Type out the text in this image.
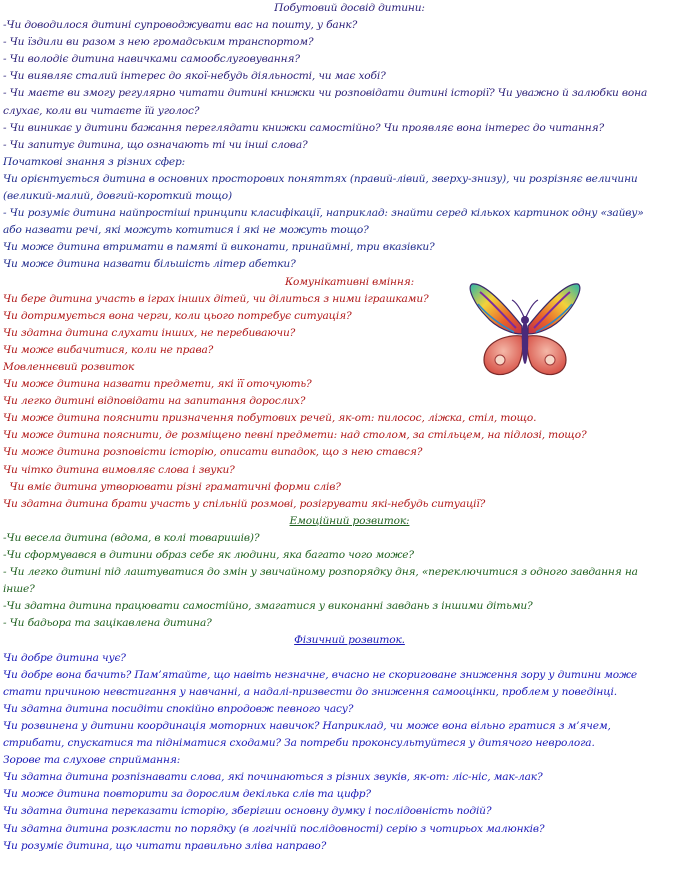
Побутовий досвід дитини:
-Чи доводилося дитині супроводжувати вас на пошту, у банк?
- Чи їздили ви разом з нею громадським транспортом?
- Чи володіє дитина навичками самообслуговування?
- Чи виявляє сталий інтерес до якої-небудь діяльності, чи має хобі?
- Чи маєте ви змогу регулярно читати дитині книжки чи розповідати дитині історії? Чи уважно й залюбки вона слухає, коли ви читаєте їй уголос?
- Чи виникає у дитини бажання переглядати книжки самостійно? Чи проявляє вона інтерес до читання?
- Чи запитує дитина, що означають ті чи інші слова?
Початкові знання з різних сфер:
Чи орієнтується дитина в основних просторових поняттях (правий-лівий, зверху-знизу), чи розрізняє величини (великий-малий, довгий-короткий тощо)
- Чи розуміє дитина найпростіші принципи класифікації, наприклад: знайти серед кількох картинок одну «зайву» або назвати речі, які можуть котитися і які не можуть тощо?
Чи може дитина втримати в памяті й виконати, принаймні, три вказівки?
Чи може дитина назвати більшість літер абетки?
Комунікативні вміння:
Чи бере дитина участь в іграх інших дітей, чи ділиться з ними іграшками?
Чи дотримується вона черги, коли цього потребує ситуація?
Чи здатна дитина слухати інших, не перебиваючи?
Чи може вибачитися, коли не права?
Мовленнєвий розвиток
Чи може дитина назвати предмети, які її оточують?
Чи легко дитині відповідати на запитання дорослих?
Чи може дитина пояснити призначення побутових речей, як-от: пилосос, ліжка, стіл, тощо.
Чи може дитина пояснити, де розміщено певні предмети: над столом, за стільцем, на підлозі, тощо?
Чи може дитина розповісти історію, описати випадок, що з нею стався?
Чи чітко дитина вимовляє слова і звуки?
Чи вміє дитина утворювати різні граматичні форми слів?
Чи здатна дитина брати участь у спільній розмові, розігрувати які-небудь ситуації?
Емоційний розвиток:
-Чи весела дитина (вдома, в колі товаришів)?
-Чи сформувався в дитини образ себе як людини, яка багато чого може?
- Чи легко дитині під лаштуватися до змін у звичайному розпорядку дня, «переключитися з одного завдання на інше?
-Чи здатна дитина працювати самостійно, змагатися у виконанні завдань з іншими дітьми?
- Чи бадьора та зацікавлена дитина?
Фізичний розвиток.
Чи добре дитина чує?
Чи добре вона бачить? Пам’ятайте, що навіть незначне, вчасно не скориговане зниження зору у дитини може стати причиною невстигання у навчанні, а надалі-призвести до зниження самооцінки, проблем у поведінці.
Чи здатна дитина посидіти спокійно впродовж певного часу?
Чи розвинена у дитини координація моторних навичок? Наприклад, чи може вона вільно гратися з м’ячем, стрибати, спускатися та підніматися сходами? За потреби проконсультуйтеся у дитячого невролога.
Зорове та слухове сприймання:
Чи здатна дитина розпізнавати слова, які починаються з різних звуків, як-от: ліс-ніс, мак-лак?
Чи може дитина повторити за дорослим декілька слів та цифр?
Чи здатна дитина переказати історію, зберігши основну думку і послідовність подій?
Чи здатна дитина розкласти по порядку (в логічній послідовності) серію з чотирьох малюнків?
Чи розуміє дитина, що читати правильно зліва направо?
